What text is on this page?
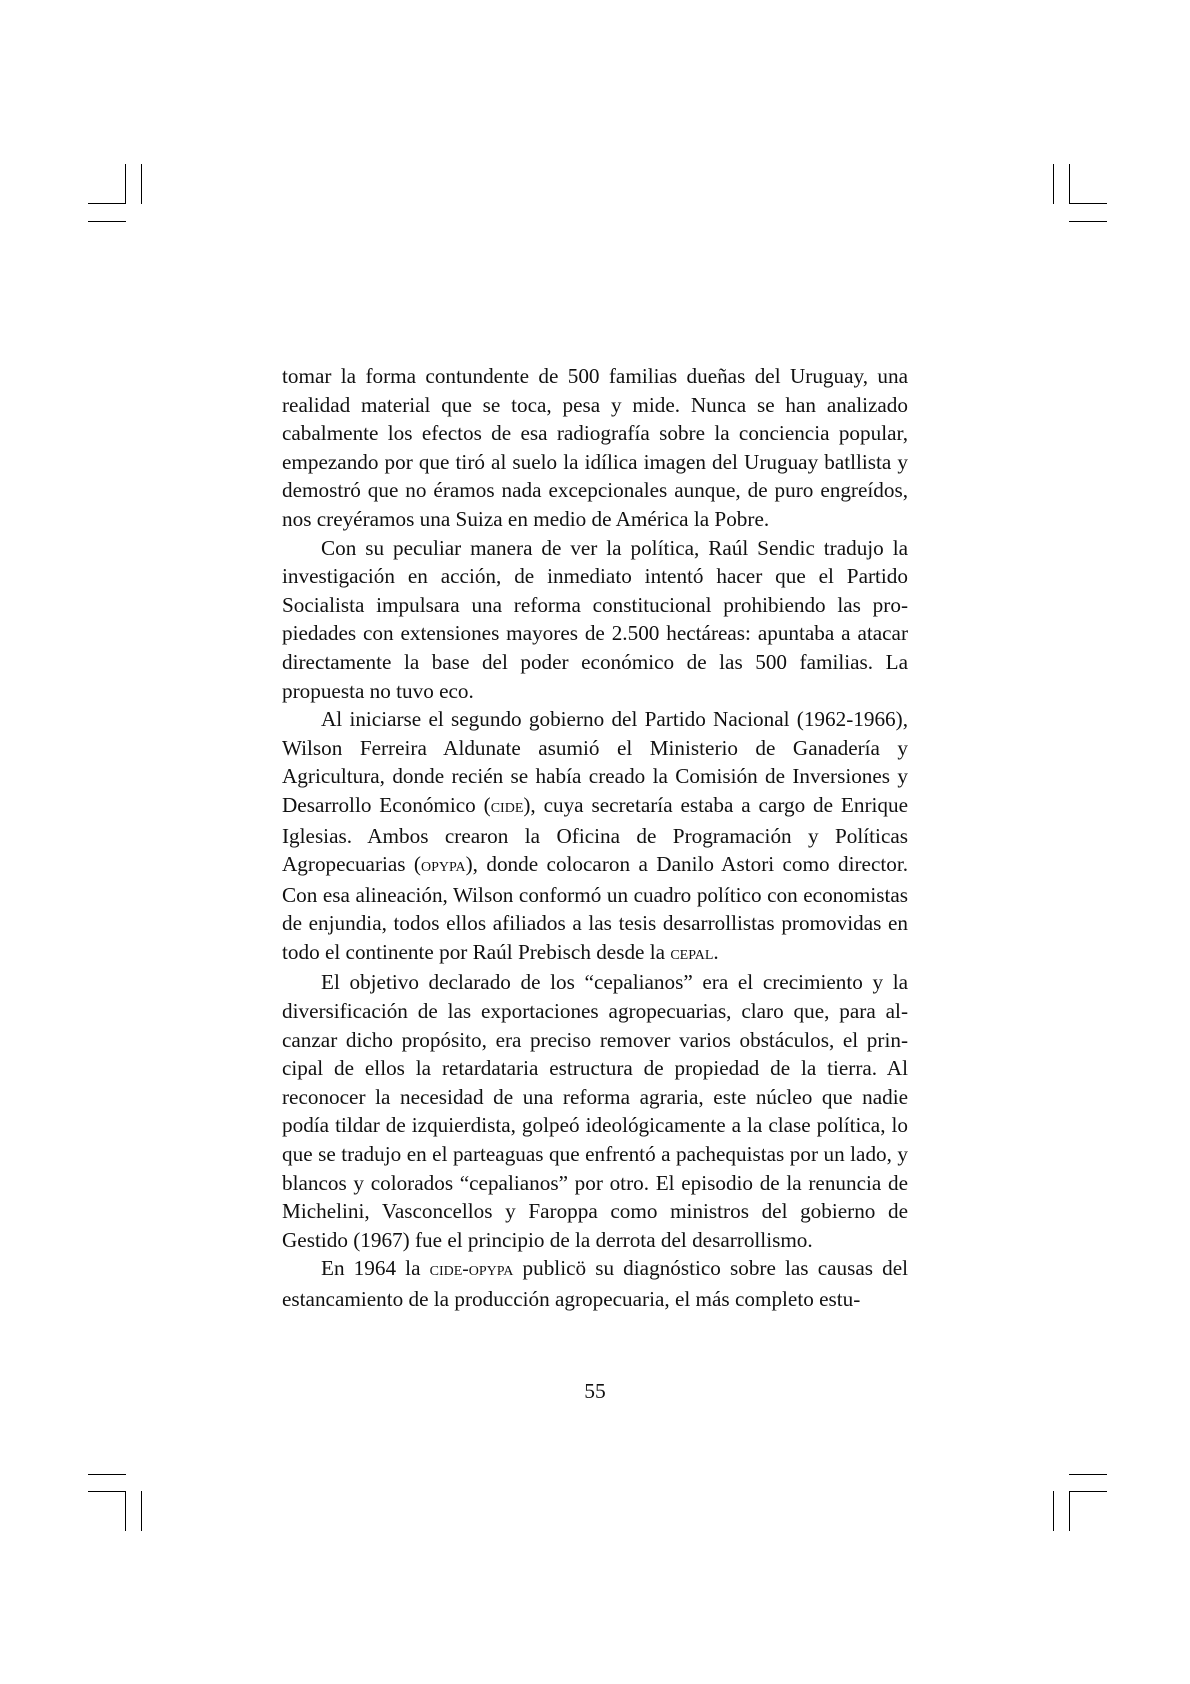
tomar la forma contundente de 500 familias dueñas del Uruguay, una realidad material que se toca, pesa y mide. Nunca se han analizado cabalmente los efectos de esa radiografía sobre la conciencia popular, empezando por que tiró al suelo la idílica imagen del Uruguay batllista y demostró que no éramos nada excepcionales aunque, de puro engreídos, nos creyéramos una Suiza en medio de América la Pobre.

Con su peculiar manera de ver la política, Raúl Sendic tradujo la investigación en acción, de inmediato intentó hacer que el Partido Socialista impulsara una reforma constitucional prohibiendo las propiedades con extensiones mayores de 2.500 hectáreas: apuntaba a atacar directamente la base del poder económico de las 500 familias. La propuesta no tuvo eco.

Al iniciarse el segundo gobierno del Partido Nacional (1962-1966), Wilson Ferreira Aldunate asumió el Ministerio de Ganadería y Agricultura, donde recién se había creado la Comisión de Inversiones y Desarrollo Económico (cide), cuya secretaría estaba a cargo de Enrique Iglesias. Ambos crearon la Oficina de Programación y Políticas Agropecuarias (opypa), donde colocaron a Danilo Astori como director. Con esa alineación, Wilson conformó un cuadro político con economistas de enjundia, todos ellos afiliados a las tesis desarrollistas promovidas en todo el continente por Raúl Prebisch desde la cepal.

El objetivo declarado de los “cepalianos” era el crecimiento y la diversificación de las exportaciones agropecuarias, claro que, para alcanzar dicho propósito, era preciso remover varios obstáculos, el principal de ellos la retardataria estructura de propiedad de la tierra. Al reconocer la necesidad de una reforma agraria, este núcleo que nadie podía tildar de izquierdista, golpeó ideológicamente a la clase política, lo que se tradujo en el parteaguas que enfrentó a pachequistas por un lado, y blancos y colorados “cepalianos” por otro. El episodio de la renuncia de Michelini, Vasconcellos y Faroppa como ministros del gobierno de Gestido (1967) fue el principio de la derrota del desarrollismo.

En 1964 la cide-opypa publicö su diagnóstico sobre las causas del estancamiento de la producción agropecuaria, el más completo estu-

55
